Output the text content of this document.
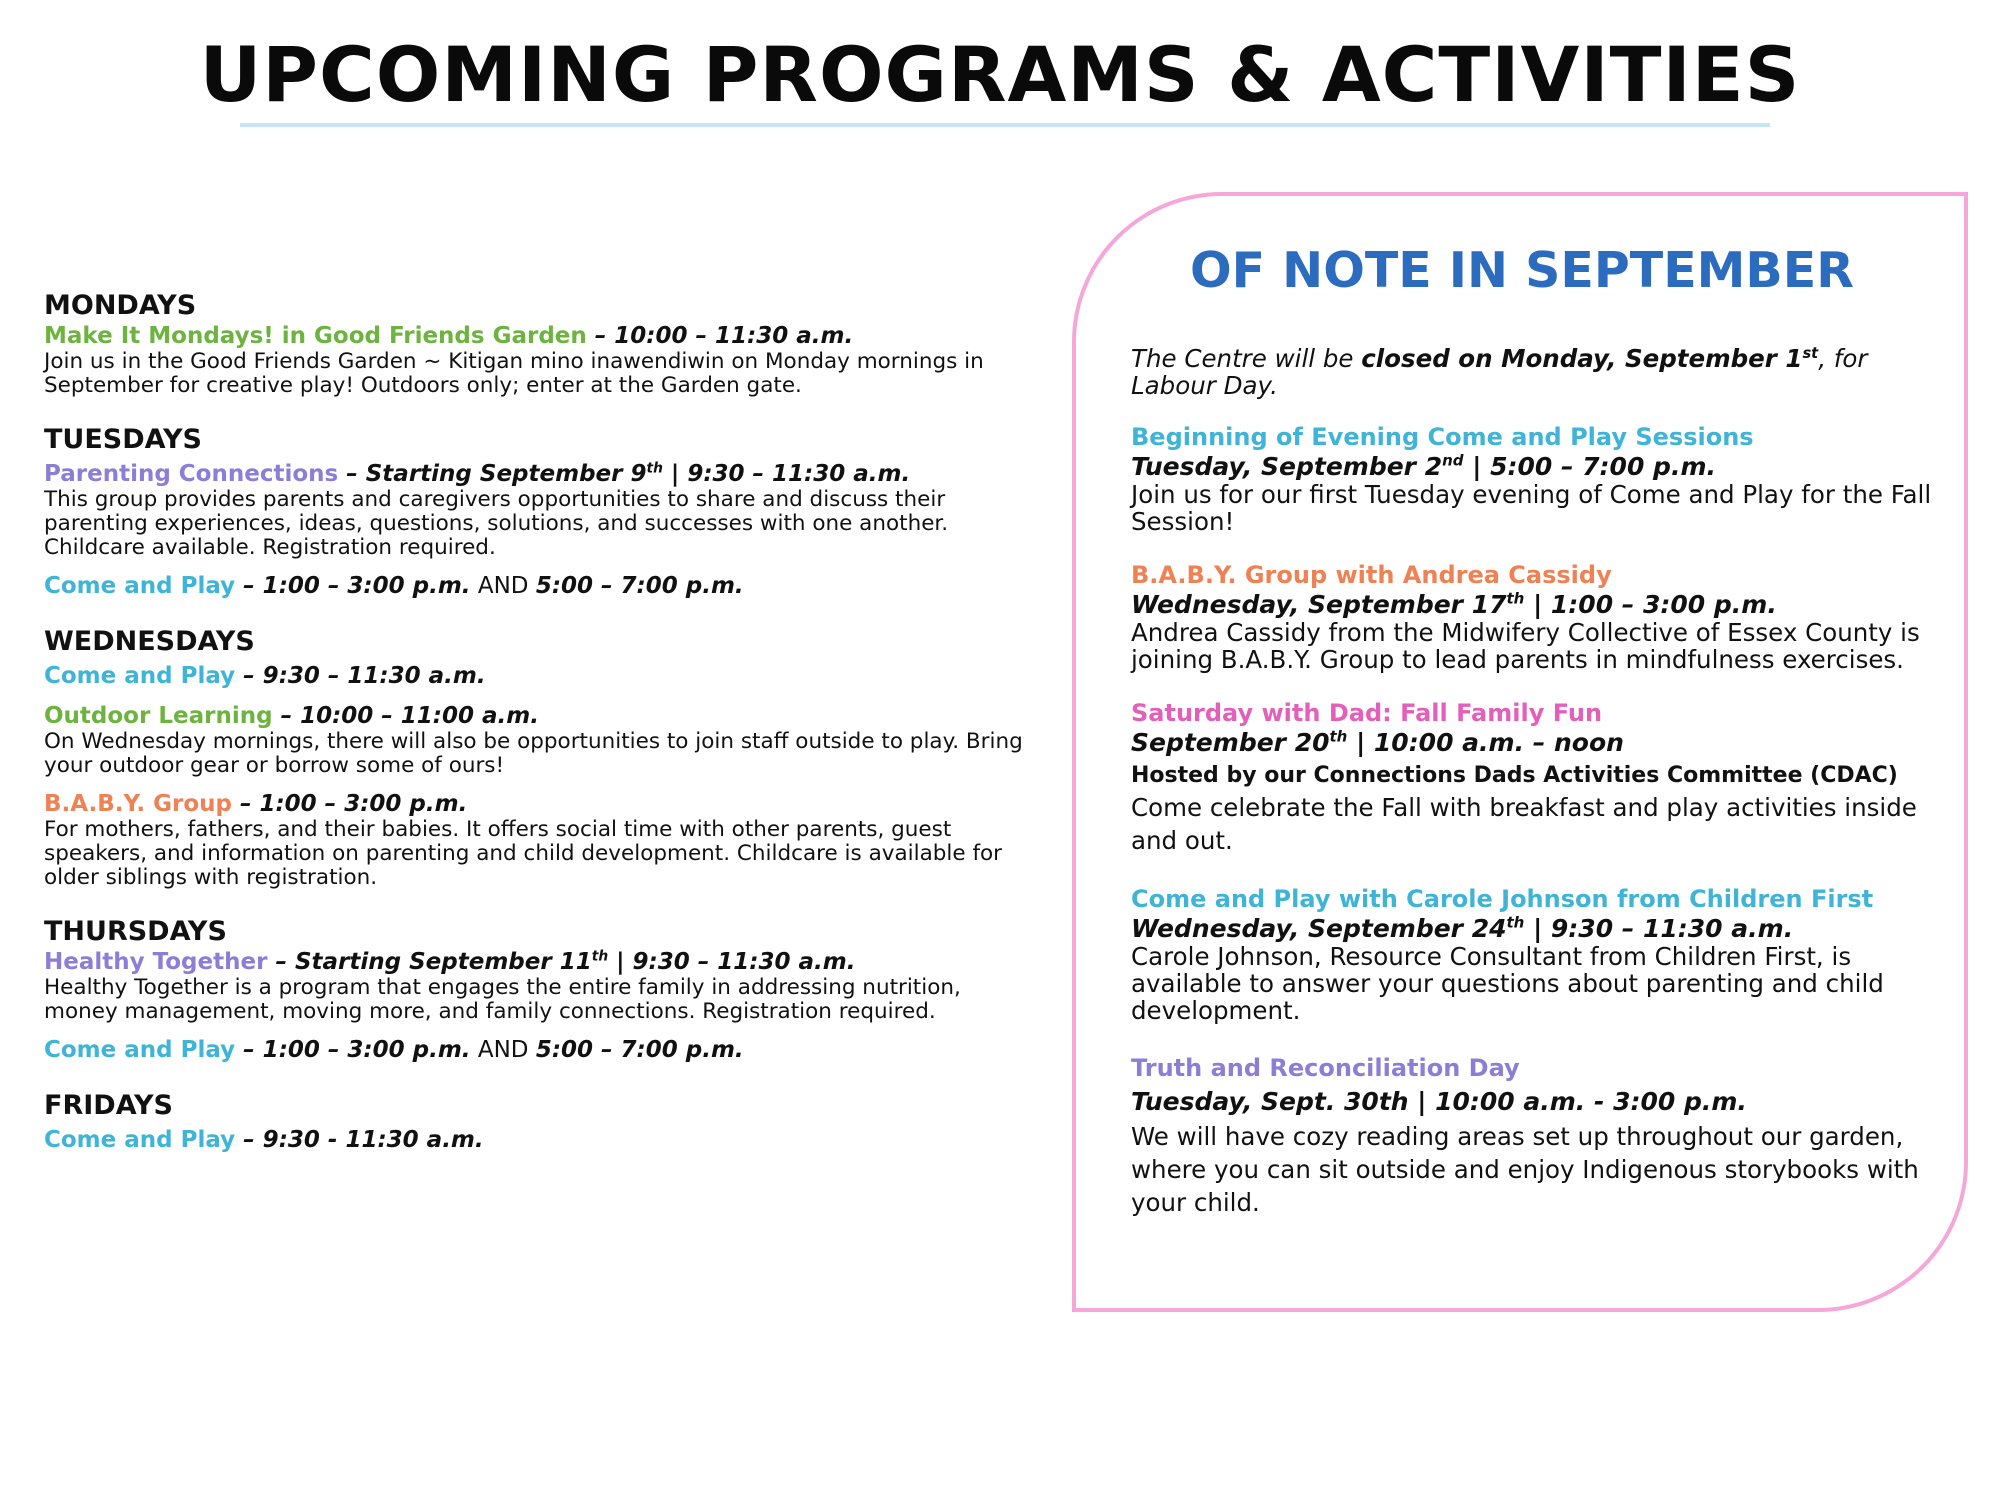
UPCOMING PROGRAMS & ACTIVITIES

MONDAYS

Make It Mondays! in Good Friends Garden – 10:00 – 11:30 a.m.

Join us in the Good Friends Garden ~ Kitigan mino inawendiwin on Monday mornings in September for creative play! Outdoors only; enter at the Garden gate.

TUESDAYS

Parenting Connections – Starting September 9th | 9:30 – 11:30 a.m.

This group provides parents and caregivers opportunities to share and discuss their parenting experiences, ideas, questions, solutions, and successes with one another. Childcare available. Registration required.

Come and Play – 1:00 – 3:00 p.m. AND 5:00 – 7:00 p.m.

WEDNESDAYS

Come and Play – 9:30 – 11:30 a.m.

Outdoor Learning – 10:00 – 11:00 a.m.

On Wednesday mornings, there will also be opportunities to join staff outside to play. Bring your outdoor gear or borrow some of ours!

B.A.B.Y. Group – 1:00 – 3:00 p.m.

For mothers, fathers, and their babies. It offers social time with other parents, guest speakers, and information on parenting and child development. Childcare is available for older siblings with registration.

THURSDAYS

Healthy Together – Starting September 11th | 9:30 – 11:30 a.m.

Healthy Together is a program that engages the entire family in addressing nutrition, money management, moving more, and family connections. Registration required.

Come and Play – 1:00 – 3:00 p.m. AND 5:00 – 7:00 p.m.

FRIDAYS

Come and Play – 9:30 - 11:30 a.m.

OF NOTE IN SEPTEMBER

The Centre will be closed on Monday, September 1st, for Labour Day.

Beginning of Evening Come and Play Sessions

Tuesday, September 2nd | 5:00 – 7:00 p.m.

Join us for our first Tuesday evening of Come and Play for the Fall Session!

B.A.B.Y. Group with Andrea Cassidy

Wednesday, September 17th | 1:00 – 3:00 p.m.

Andrea Cassidy from the Midwifery Collective of Essex County is joining B.A.B.Y. Group to lead parents in mindfulness exercises.

Saturday with Dad: Fall Family Fun

September 20th | 10:00 a.m. – noon

Hosted by our Connections Dads Activities Committee (CDAC)

Come celebrate the Fall with breakfast and play activities inside and out.

Come and Play with Carole Johnson from Children First

Wednesday, September 24th | 9:30 – 11:30 a.m.

Carole Johnson, Resource Consultant from Children First, is available to answer your questions about parenting and child development.

Truth and Reconciliation Day

Tuesday, Sept. 30th | 10:00 a.m. - 3:00 p.m.

We will have cozy reading areas set up throughout our garden, where you can sit outside and enjoy Indigenous storybooks with your child.
